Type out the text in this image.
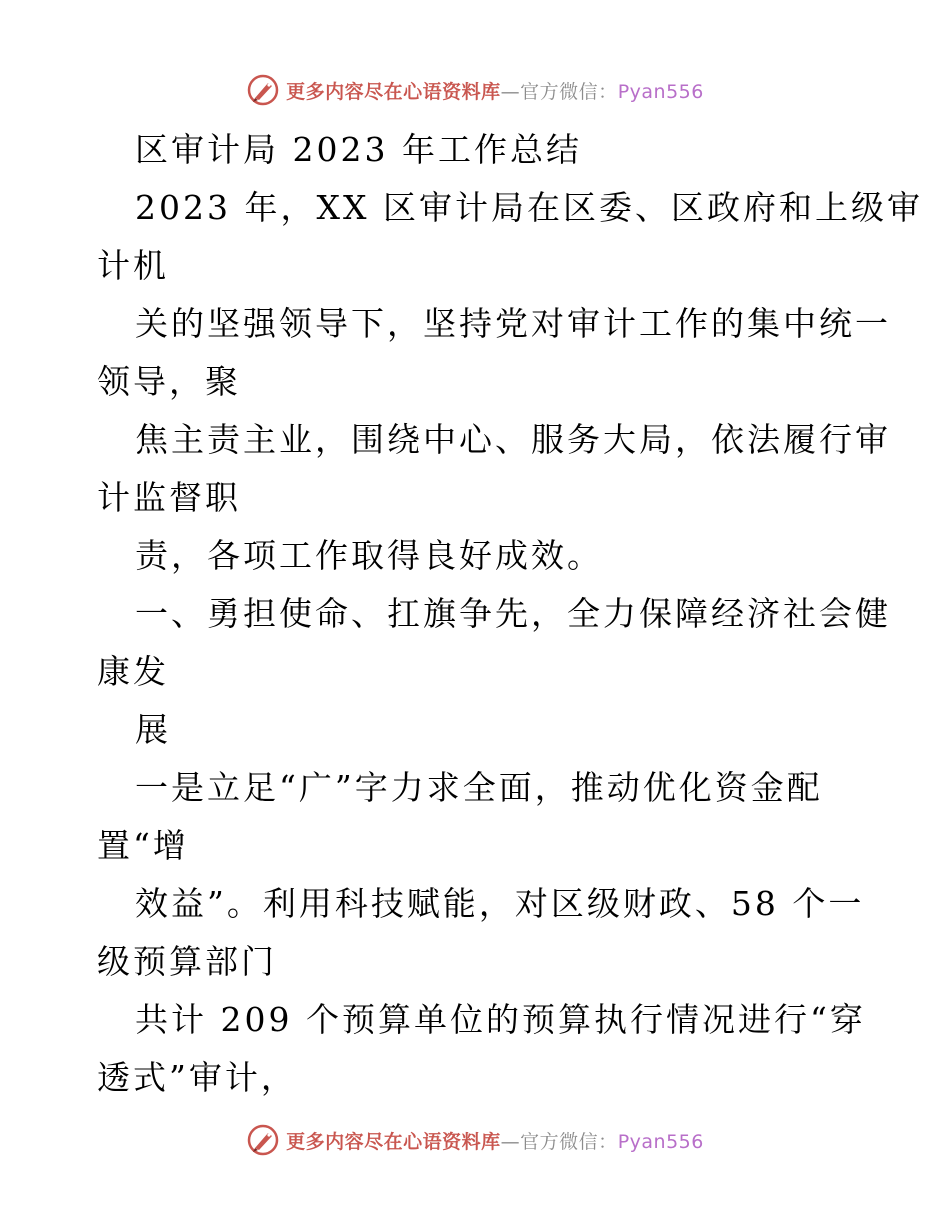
更多内容尽在心语资料库—官方微信：Pyan556
区审计局 2023 年工作总结
2023 年，XX 区审计局在区委、区政府和上级审
计机
关的坚强领导下，坚持党对审计工作的集中统一
领导，聚
焦主责主业，围绕中心、服务大局，依法履行审
计监督职
责，各项工作取得良好成效。
一、勇担使命、扛旗争先，全力保障经济社会健
康发
展
一是立足“广”字力求全面，推动优化资金配
置“增
效益”。利用科技赋能，对区级财政、58 个一
级预算部门
共计 209 个预算单位的预算执行情况进行“穿
透式”审计，
更多内容尽在心语资料库—官方微信：Pyan556
